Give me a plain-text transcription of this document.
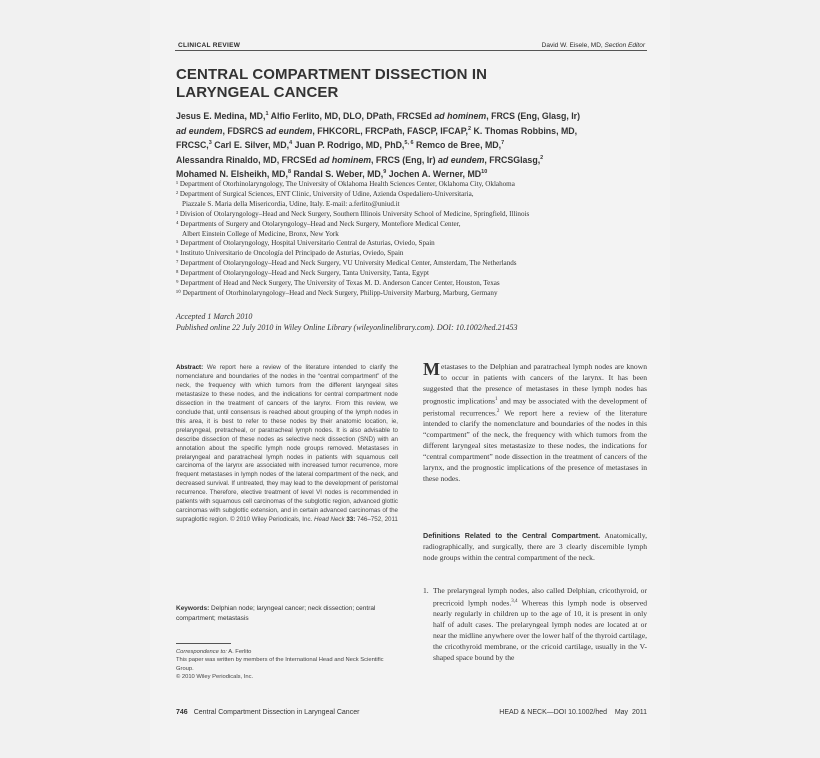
CLINICAL REVIEW	David W. Eisele, MD, Section Editor
CENTRAL COMPARTMENT DISSECTION IN
LARYNGEAL CANCER
Jesus E. Medina, MD,$^1$ Alfio Ferlito, MD, DLO, DPath, FRCSEd ad hominem, FRCS (Eng, Glasg, Ir)
ad eundem, FDSRCS ad eundem, FHKCORL, FRCPath, FASCP, IFCAP,$^2$ K. Thomas Robbins, MD,
FRCSC,$^3$ Carl E. Silver, MD,$^4$ Juan P. Rodrigo, MD, PhD,$^{5, 6}$ Remco de Bree, MD,$^7$
Alessandra Rinaldo, MD, FRCSEd ad hominem, FRCS (Eng, Ir) ad eundem, FRCSGlasg,$^2$
Mohamed N. Elsheikh, MD,$^8$ Randal S. Weber, MD,$^9$ Jochen A. Werner, MD$^{10}$
¹ Department of Otorhinolaryngology, The University of Oklahoma Health Sciences Center, Oklahoma City, Oklahoma
² Department of Surgical Sciences, ENT Clinic, University of Udine, Azienda Ospedaliero-Universitaria,
Piazzale S. Maria della Misericordia, Udine, Italy. E-mail: a.ferlito@uniud.it
³ Division of Otolaryngology–Head and Neck Surgery, Southern Illinois University School of Medicine, Springfield, Illinois
⁴ Departments of Surgery and Otolaryngology–Head and Neck Surgery, Montefiore Medical Center,
Albert Einstein College of Medicine, Bronx, New York
⁵ Department of Otolaryngology, Hospital Universitario Central de Asturias, Oviedo, Spain
⁶ Instituto Universitario de Oncología del Principado de Asturias, Oviedo, Spain
⁷ Department of Otolaryngology–Head and Neck Surgery, VU University Medical Center, Amsterdam, The Netherlands
⁸ Department of Otolaryngology–Head and Neck Surgery, Tanta University, Tanta, Egypt
⁹ Department of Head and Neck Surgery, The University of Texas M. D. Anderson Cancer Center, Houston, Texas
¹⁰ Department of Otorhinolaryngology–Head and Neck Surgery, Philipp-University Marburg, Marburg, Germany
Accepted 1 March 2010
Published online 22 July 2010 in Wiley Online Library (wileyonlinelibrary.com). DOI: 10.1002/hed.21453
Abstract: We report here a review of the literature intended to clarify the nomenclature and boundaries of the nodes in the “central compartment” of the neck, the frequency with which tumors from the different laryngeal sites metastasize to these nodes, and the indications for central compartment node dissection in the treatment of cancers of the larynx. From this review, we conclude that, until consensus is reached about grouping of the lymph nodes in this area, it is best to refer to these nodes by their anatomic location, ie, prelaryngeal, pretracheal, or paratracheal lymph nodes. It is also advisable to describe dissection of these nodes as selective neck dissection (SND) with an annotation about the specific lymph node groups removed. Metastases in prelaryngeal and paratracheal lymph nodes in patients with squamous cell carcinoma of the larynx are associated with increased tumor recurrence, more frequent metastases in lymph nodes of the lateral compartment of the neck, and decreased survival. If untreated, they may lead to the development of peristomal recurrence. Therefore, elective treatment of level VI nodes is recommended in patients with squamous cell carcinomas of the subglottic region, advanced glottic carcinomas with subglottic extension, and in certain advanced carcinomas of the supraglottic region. © 2010 Wiley Periodicals, Inc. Head Neck 33: 746–752, 2011
Keywords: Delphian node; laryngeal cancer; neck dissection; central compartment; metastasis
Correspondence to: A. Ferlito
This paper was written by members of the International Head and Neck Scientific Group.
© 2010 Wiley Periodicals, Inc.
Metastases to the Delphian and paratracheal lymph nodes are known to occur in patients with cancers of the larynx. It has been suggested that the presence of metastases in these lymph nodes has prognostic implications$^1$ and may be associated with the development of peristomal recurrences.$^2$ We report here a review of the literature intended to clarify the nomenclature and boundaries of the nodes in this “compartment” of the neck, the frequency with which tumors from the different laryngeal sites metastasize to these nodes, the indications for “central compartment” node dissection in the treatment of cancers of the larynx, and the prognostic implications of the presence of metastases in these nodes.
Definitions Related to the Central Compartment. Anatomically, radiographically, and surgically, there are 3 clearly discernible lymph node groups within the central compartment of the neck.
1. The prelaryngeal lymph nodes, also called Delphian, cricothyroid, or precricoid lymph nodes.$^{3,4}$ Whereas this lymph node is observed nearly regularly in children up to the age of 10, it is present in only half of adult cases. The prelaryngeal lymph nodes are located at or near the midline anywhere over the lower half of the thyroid cartilage, the cricothyroid membrane, or the cricoid cartilage, usually in the V-shaped space bound by the
746 Central Compartment Dissection in Laryngeal Cancer	HEAD & NECK—DOI 10.1002/hed    May  2011
